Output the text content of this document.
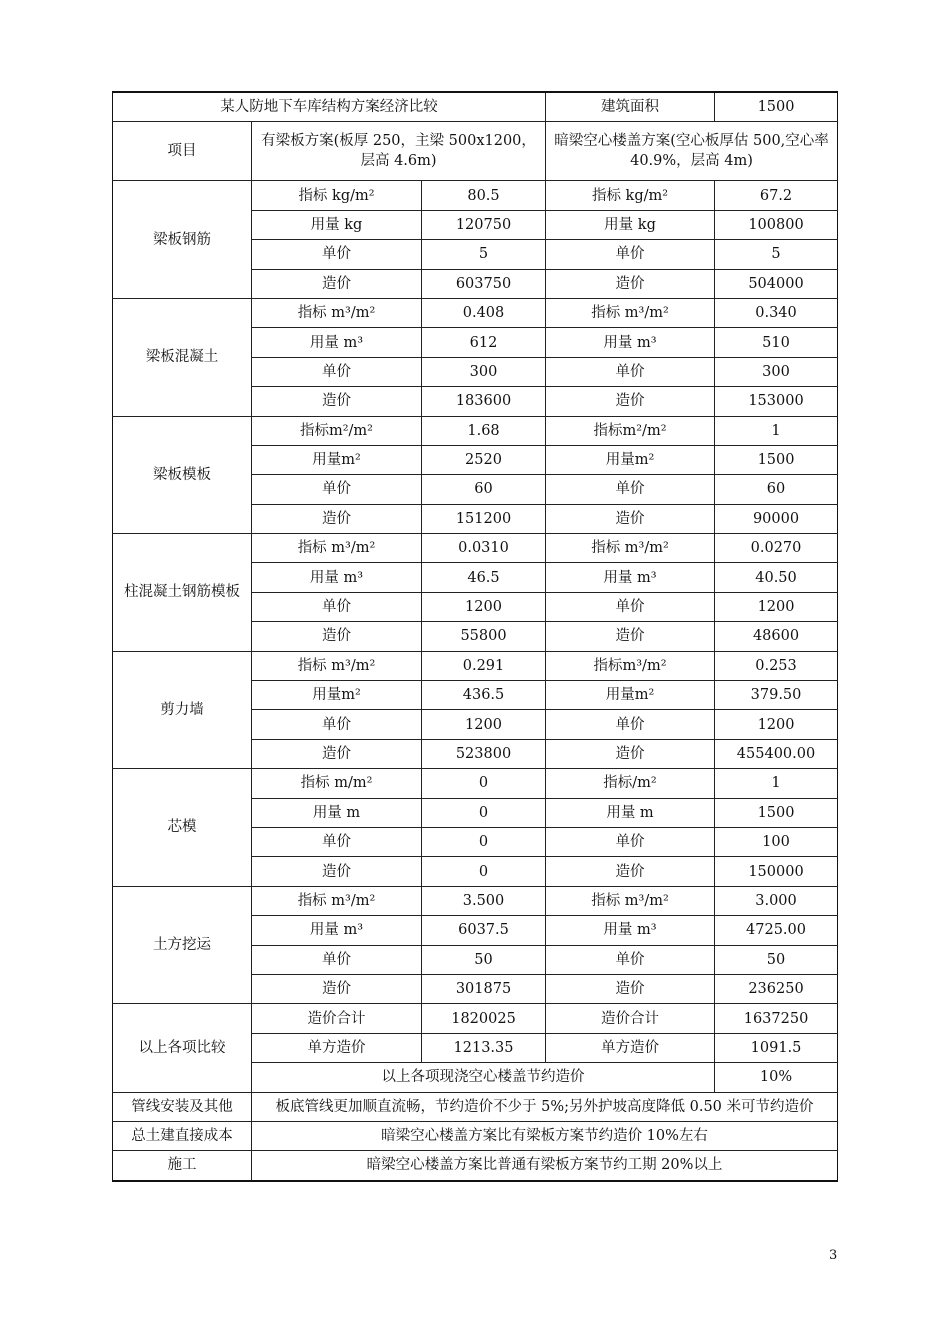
某人防地下车库结构方案经济比较			建筑面积	1500
项目	有梁板方案(板厚 250，主梁 500x1200，层高 4.6m)		暗梁空心楼盖方案(空心板厚估 500,空心率 40.9%，层高 4m)	
梁板钢筋	指标 kg/m²	80.5	指标 kg/m²	67.2
	用量 kg	120750	用量 kg	100800
	单价	5	单价	5
	造价	603750	造价	504000
梁板混凝土	指标 m³/m²	0.408	指标 m³/m²	0.340
	用量 m³	612	用量 m³	510
	单价	300	单价	300
	造价	183600	造价	153000
梁板模板	指标m²/m²	1.68	指标m²/m²	1
	用量m²	2520	用量m²	1500
	单价	60	单价	60
	造价	151200	造价	90000
柱混凝土钢筋模板	指标 m³/m²	0.0310	指标 m³/m²	0.0270
	用量 m³	46.5	用量 m³	40.50
	单价	1200	单价	1200
	造价	55800	造价	48600
剪力墙	指标 m³/m²	0.291	指标m³/m²	0.253
	用量m²	436.5	用量m²	379.50
	单价	1200	单价	1200
	造价	523800	造价	455400.00
芯模	指标 m/m²	0	指标/m²	1
	用量 m	0	用量 m	1500
	单价	0	单价	100
	造价	0	造价	150000
土方挖运	指标 m³/m²	3.500	指标 m³/m²	3.000
	用量 m³	6037.5	用量 m³	4725.00
	单价	50	单价	50
	造价	301875	造价	236250
以上各项比较	造价合计	1820025	造价合计	1637250
	单方造价	1213.35	单方造价	1091.5
	以上各项现浇空心楼盖节约造价			10%
管线安装及其他	板底管线更加顺直流畅，节约造价不少于 5%;另外护坡高度降低 0.50 米可节约造价			
总土建直接成本	暗梁空心楼盖方案比有梁板方案节约造价 10%左右			
施工	暗梁空心楼盖方案比普通有梁板方案节约工期 20%以上			
3
